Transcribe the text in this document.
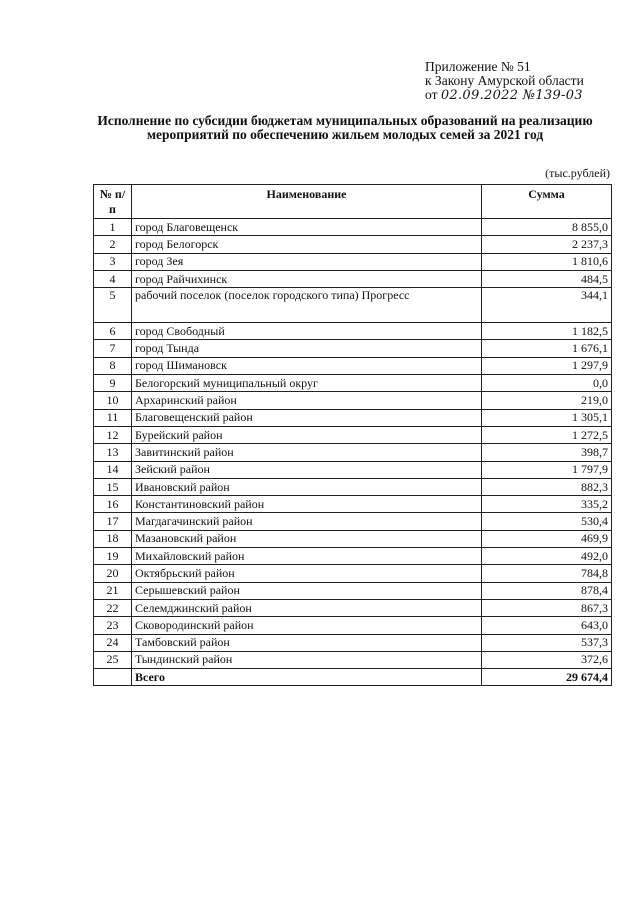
Приложение № 51
к Закону Амурской области
от 02.09.2022 №139-03
Исполнение по субсидии бюджетам муниципальных образований на реализацию мероприятий по обеспечению жильем молодых семей за 2021 год
(тыс.рублей)
№ п/п	Наименование	Сумма
1	город Благовещенск	8 855,0
2	город Белогорск	2 237,3
3	город Зея	1 810,6
4	город Райчихинск	484,5
5	рабочий поселок (поселок городского типа) Прогресс	344,1
6	город Свободный	1 182,5
7	город Тында	1 676,1
8	город Шимановск	1 297,9
9	Белогорский муниципальный округ	0,0
10	Архаринский район	219,0
11	Благовещенский район	1 305,1
12	Бурейский район	1 272,5
13	Завитинский район	398,7
14	Зейский район	1 797,9
15	Ивановский район	882,3
16	Константиновский район	335,2
17	Магдагачинский район	530,4
18	Мазановский район	469,9
19	Михайловский район	492,0
20	Октябрьский район	784,8
21	Серышевский район	878,4
22	Селемджинский район	867,3
23	Сковородинский район	643,0
24	Тамбовский район	537,3
25	Тындинский район	372,6
	Всего	29 674,4
